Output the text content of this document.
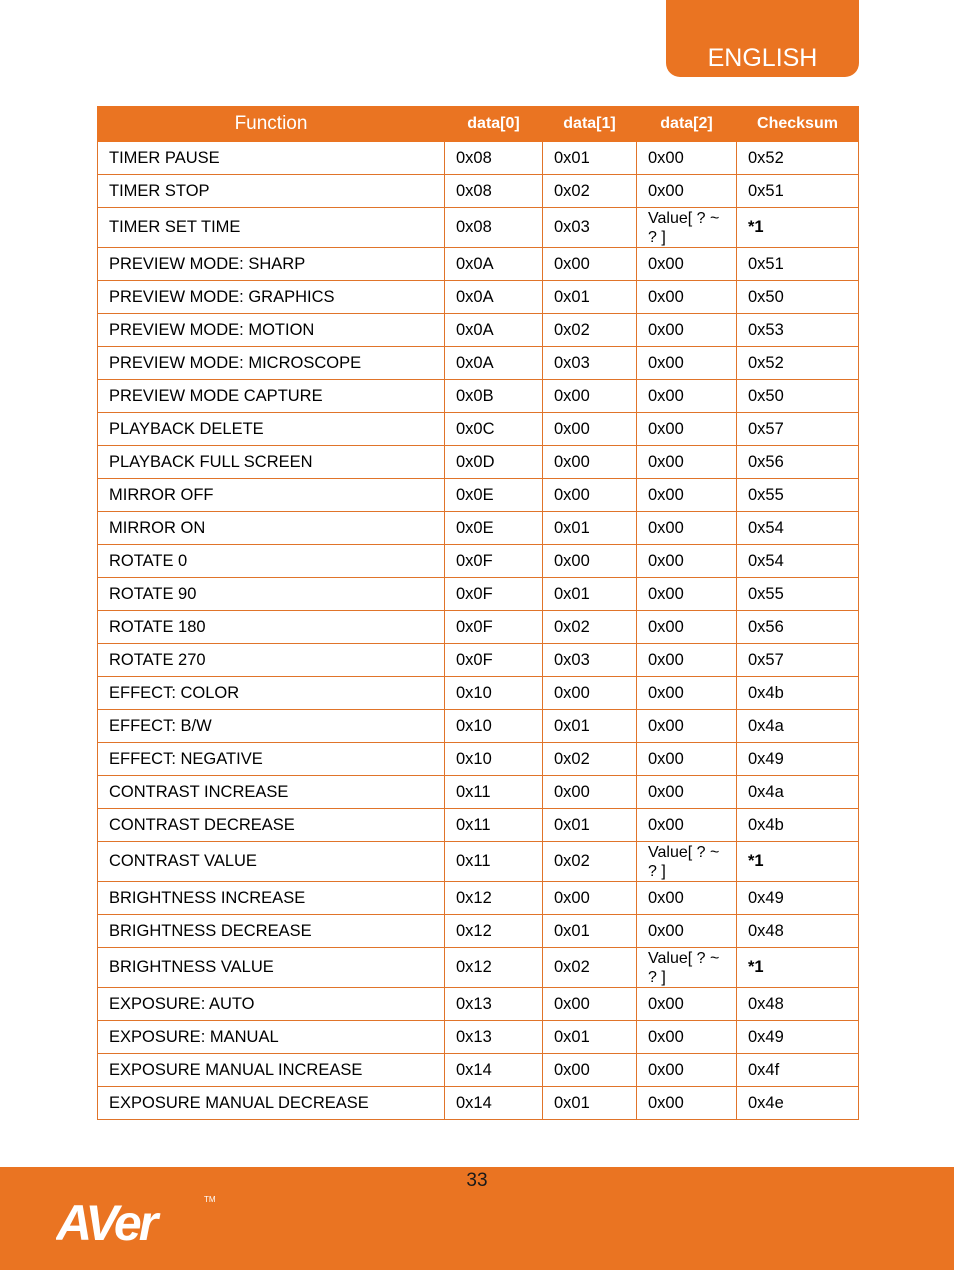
ENGLISH
Function	data[0]	data[1]	data[2]	Checksum
TIMER PAUSE	0x08	0x01	0x00	0x52
TIMER STOP	0x08	0x02	0x00	0x51
TIMER SET TIME	0x08	0x03	Value[ ? ~ ? ]	*1
PREVIEW MODE: SHARP	0x0A	0x00	0x00	0x51
PREVIEW MODE: GRAPHICS	0x0A	0x01	0x00	0x50
PREVIEW MODE: MOTION	0x0A	0x02	0x00	0x53
PREVIEW MODE: MICROSCOPE	0x0A	0x03	0x00	0x52
PREVIEW MODE CAPTURE	0x0B	0x00	0x00	0x50
PLAYBACK DELETE	0x0C	0x00	0x00	0x57
PLAYBACK FULL SCREEN	0x0D	0x00	0x00	0x56
MIRROR OFF	0x0E	0x00	0x00	0x55
MIRROR ON	0x0E	0x01	0x00	0x54
ROTATE 0	0x0F	0x00	0x00	0x54
ROTATE 90	0x0F	0x01	0x00	0x55
ROTATE 180	0x0F	0x02	0x00	0x56
ROTATE 270	0x0F	0x03	0x00	0x57
EFFECT: COLOR	0x10	0x00	0x00	0x4b
EFFECT: B/W	0x10	0x01	0x00	0x4a
EFFECT: NEGATIVE	0x10	0x02	0x00	0x49
CONTRAST INCREASE	0x11	0x00	0x00	0x4a
CONTRAST DECREASE	0x11	0x01	0x00	0x4b
CONTRAST VALUE	0x11	0x02	Value[ ? ~ ? ]	*1
BRIGHTNESS INCREASE	0x12	0x00	0x00	0x49
BRIGHTNESS DECREASE	0x12	0x01	0x00	0x48
BRIGHTNESS VALUE	0x12	0x02	Value[ ? ~ ? ]	*1
EXPOSURE: AUTO	0x13	0x00	0x00	0x48
EXPOSURE: MANUAL	0x13	0x01	0x00	0x49
EXPOSURE MANUAL INCREASE	0x14	0x00	0x00	0x4f
EXPOSURE MANUAL DECREASE	0x14	0x01	0x00	0x4e
33
AVer	TM
